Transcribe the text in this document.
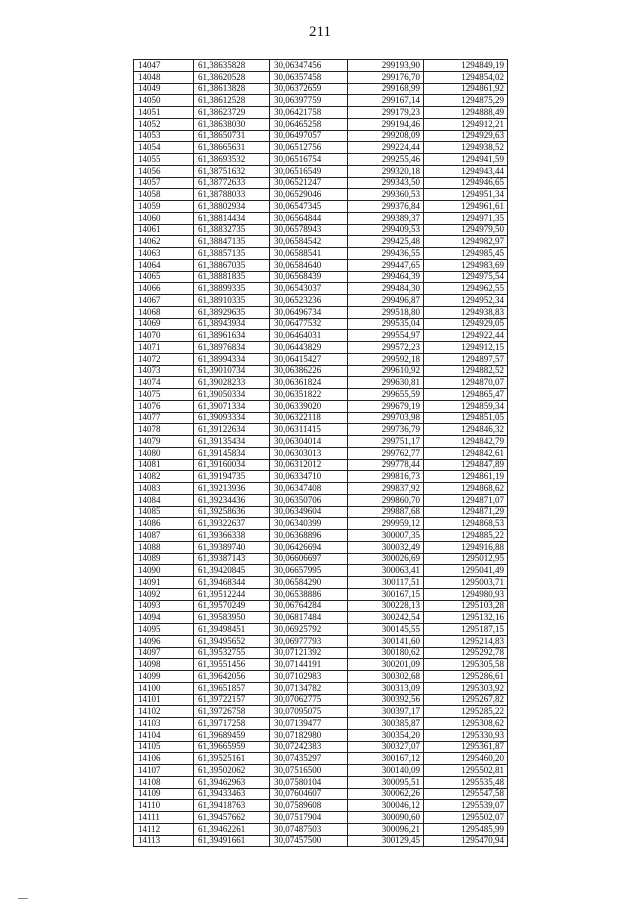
211
14047	61,38635828	30,06347456	299193,90	1294849,19
14048	61,38620528	30,06357458	299176,70	1294854,02
14049	61,38613828	30,06372659	299168,99	1294861,92
14050	61,38612528	30,06397759	299167,14	1294875,29
14051	61,38623729	30,06421758	299179,23	1294888,49
14052	61,38638030	30,06465258	299194,46	1294912,21
14053	61,38650731	30,06497057	299208,09	1294929,63
14054	61,38665631	30,06512756	299224,44	1294938,52
14055	61,38693532	30,06516754	299255,46	1294941,59
14056	61,38751632	30,06516549	299320,18	1294943,44
14057	61,38772633	30,06521247	299343,50	1294946,65
14058	61,38788033	30,06529046	299360,53	1294951,34
14059	61,38802934	30,06547345	299376,84	1294961,61
14060	61,38814434	30,06564844	299389,37	1294971,35
14061	61,38832735	30,06578943	299409,53	1294979,50
14062	61,38847135	30,06584542	299425,48	1294982,97
14063	61,38857135	30,06588541	299436,55	1294985,45
14064	61,38867035	30,06584640	299447,65	1294983,69
14065	61,38881835	30,06568439	299464,39	1294975,54
14066	61,38899335	30,06543037	299484,30	1294962,55
14067	61,38910335	30,06523236	299496,87	1294952,34
14068	61,38929635	30,06496734	299518,80	1294938,83
14069	61,38943934	30,06477532	299535,04	1294929,05
14070	61,38961634	30,06464031	299554,97	1294922,44
14071	61,38976834	30,06443829	299572,23	1294912,15
14072	61,38994334	30,06415427	299592,18	1294897,57
14073	61,39010734	30,06386226	299610,92	1294882,52
14074	61,39028233	30,06361824	299630,81	1294870,07
14075	61,39050334	30,06351822	299655,59	1294865,47
14076	61,39071334	30,06339020	299679,19	1294859,34
14077	61,39093334	30,06322118	299703,98	1294851,05
14078	61,39122634	30,06311415	299736,79	1294846,32
14079	61,39135434	30,06304014	299751,17	1294842,79
14080	61,39145834	30,06303013	299762,77	1294842,61
14081	61,39160034	30,06312012	299778,44	1294847,89
14082	61,39194735	30,06334710	299816,73	1294861,19
14083	61,39213936	30,06347408	299837,92	1294868,62
14084	61,39234436	30,06350706	299860,70	1294871,07
14085	61,39258636	30,06349604	299887,68	1294871,29
14086	61,39322637	30,06340399	299959,12	1294868,53
14087	61,39366338	30,06368896	300007,35	1294885,22
14088	61,39389740	30,06426694	300032,49	1294916,88
14089	61,39387143	30,06606697	300026,69	1295012,95
14090	61,39420845	30,06657995	300063,41	1295041,49
14091	61,39468344	30,06584290	300117,51	1295003,71
14092	61,39512244	30,06538886	300167,15	1294980,93
14093	61,39570249	30,06764284	300228,13	1295103,28
14094	61,39583950	30,06817484	300242,54	1295132,16
14095	61,39498451	30,06925792	300145,55	1295187,15
14096	61,39495652	30,06977793	300141,60	1295214,83
14097	61,39532755	30,07121392	300180,62	1295292,78
14098	61,39551456	30,07144191	300201,09	1295305,58
14099	61,39642056	30,07102983	300302,68	1295286,61
14100	61,39651857	30,07134782	300313,09	1295303,92
14101	61,39722157	30,07062775	300392,56	1295267,82
14102	61,39726758	30,07095075	300397,17	1295285,22
14103	61,39717258	30,07139477	300385,87	1295308,62
14104	61,39689459	30,07182980	300354,20	1295330,93
14105	61,39665959	30,07242383	300327,07	1295361,87
14106	61,39525161	30,07435297	300167,12	1295460,20
14107	61,39502062	30,07516500	300140,09	1295502,81
14108	61,39462963	30,07580104	300095,51	1295535,48
14109	61,39433463	30,07604607	300062,26	1295547,58
14110	61,39418763	30,07589608	300046,12	1295539,07
14111	61,39457662	30,07517904	300090,60	1295502,07
14112	61,39462261	30,07487503	300096,21	1295485,99
14113	61,39491661	30,07457500	300129,45	1295470,94
